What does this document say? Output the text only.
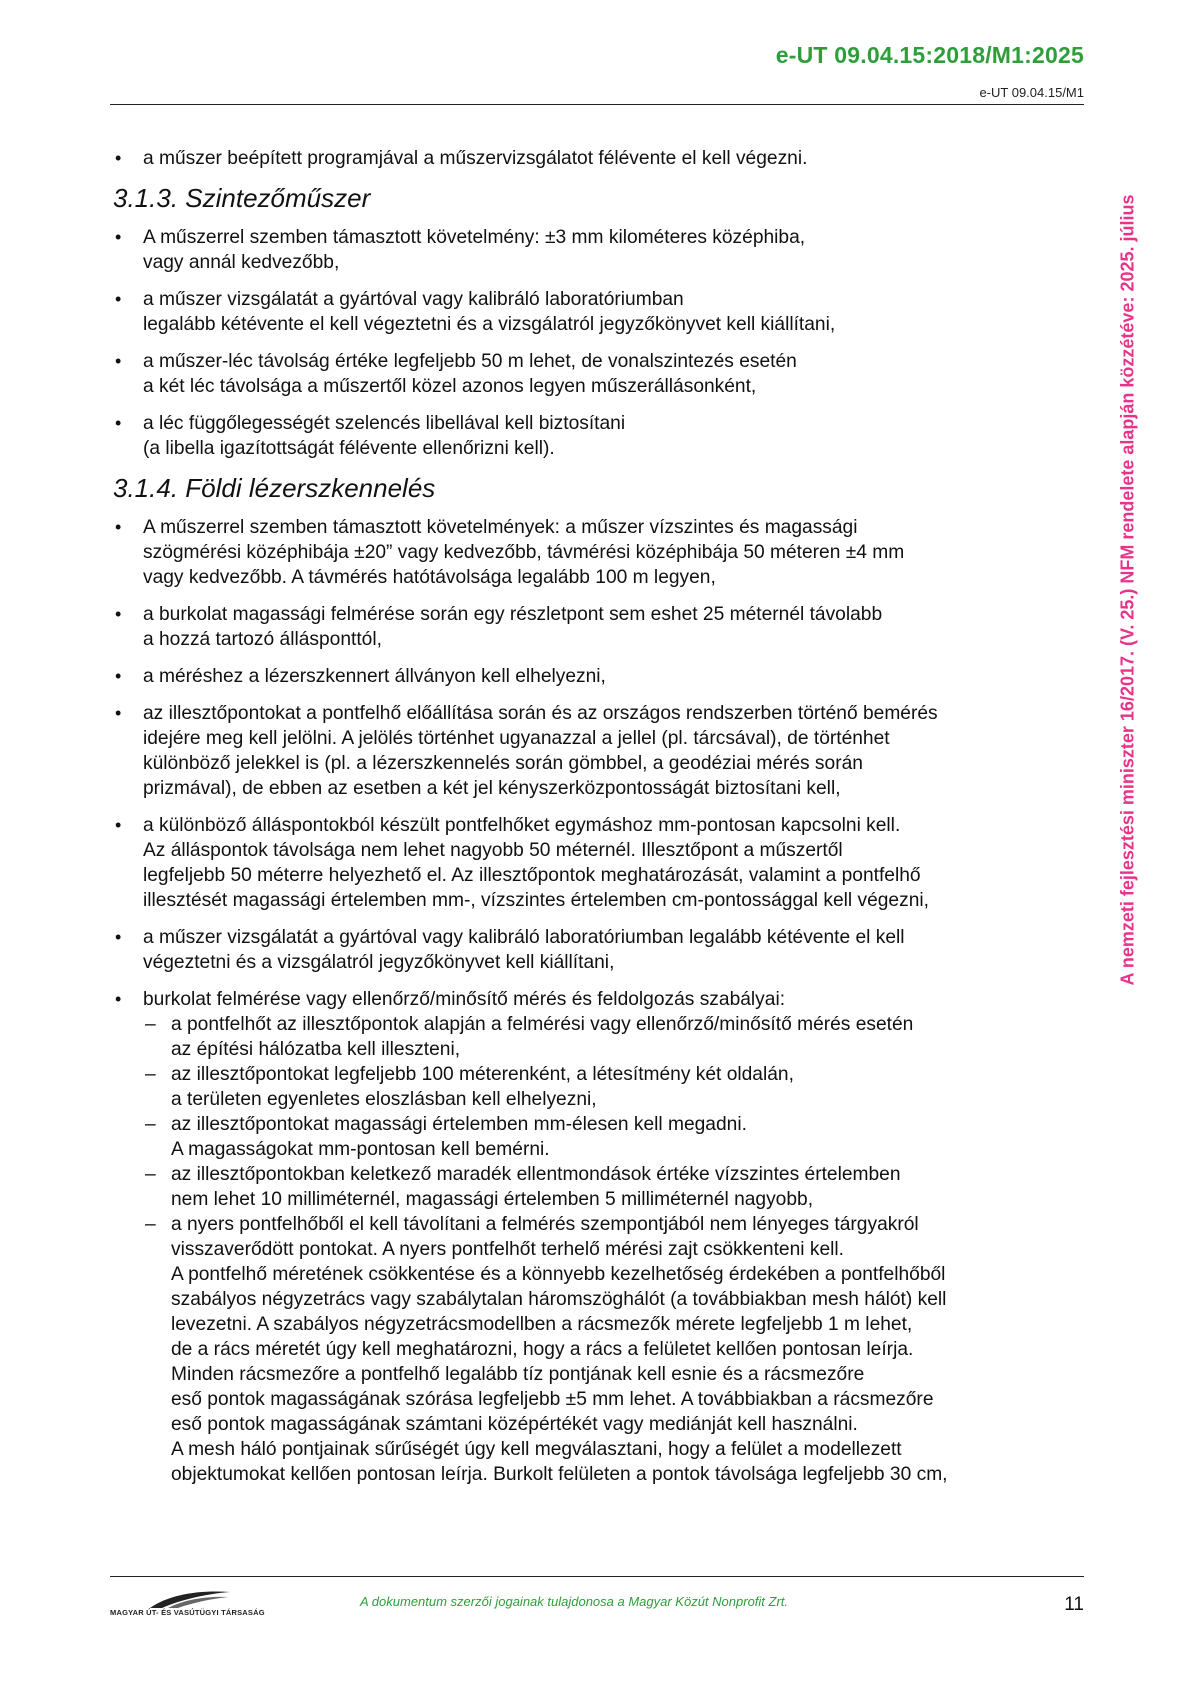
e-UT 09.04.15:2018/M1:2025
e-UT 09.04.15/M1
A nemzeti fejlesztési miniszter 16/2017. (V. 25.) NFM rendelete alapján közzétéve: 2025. július
• a műszer beépített programjával a műszervizsgálatot félévente el kell végezni.
3.1.3. Szintezőműszer
• A műszerrel szemben támasztott követelmény: ±3 mm kilométeres középhiba,
vagy annál kedvezőbb,
• a műszer vizsgálatát a gyártóval vagy kalibráló laboratóriumban
legalább kétévente el kell végeztetni és a vizsgálatról jegyzőkönyvet kell kiállítani,
• a műszer-léc távolság értéke legfeljebb 50 m lehet, de vonalszintezés esetén
a két léc távolsága a műszertől közel azonos legyen műszerállásonként,
• a léc függőlegességét szelencés libellával kell biztosítani
(a libella igazítottságát félévente ellenőrizni kell).
3.1.4. Földi lézerszkennelés
• A műszerrel szemben támasztott követelmények: a műszer vízszintes és magassági
szögmérési középhibája ±20” vagy kedvezőbb, távmérési középhibája 50 méteren ±4 mm
vagy kedvezőbb. A távmérés hatótávolsága legalább 100 m legyen,
• a burkolat magassági felmérése során egy részletpont sem eshet 25 méternél távolabb
a hozzá tartozó állásponttól,
• a méréshez a lézerszkennert állványon kell elhelyezni,
• az illesztőpontokat a pontfelhő előállítása során és az országos rendszerben történő bemérés
idejére meg kell jelölni. A jelölés történhet ugyanazzal a jellel (pl. tárcsával), de történhet
különböző jelekkel is (pl. a lézerszkennelés során gömbbel, a geodéziai mérés során
prizmával), de ebben az esetben a két jel kényszerközpontosságát biztosítani kell,
• a különböző álláspontokból készült pontfelhőket egymáshoz mm-pontosan kapcsolni kell.
Az álláspontok távolsága nem lehet nagyobb 50 méternél. Illesztőpont a műszertől
legfeljebb 50 méterre helyezhető el. Az illesztőpontok meghatározását, valamint a pontfelhő
illesztését magassági értelemben mm-, vízszintes értelemben cm-pontossággal kell végezni,
• a műszer vizsgálatát a gyártóval vagy kalibráló laboratóriumban legalább kétévente el kell
végeztetni és a vizsgálatról jegyzőkönyvet kell kiállítani,
• burkolat felmérése vagy ellenőrző/minősítő mérés és feldolgozás szabályai:
– a pontfelhőt az illesztőpontok alapján a felmérési vagy ellenőrző/minősítő mérés esetén
az építési hálózatba kell illeszteni,
– az illesztőpontokat legfeljebb 100 méterenként, a létesítmény két oldalán,
a területen egyenletes eloszlásban kell elhelyezni,
– az illesztőpontokat magassági értelemben mm-élesen kell megadni.
A magasságokat mm-pontosan kell bemérni.
– az illesztőpontokban keletkező maradék ellentmondások értéke vízszintes értelemben
nem lehet 10 milliméternél, magassági értelemben 5 milliméternél nagyobb,
– a nyers pontfelhőből el kell távolítani a felmérés szempontjából nem lényeges tárgyakról
visszaverődött pontokat. A nyers pontfelhőt terhelő mérési zajt csökkenteni kell.
A pontfelhő méretének csökkentése és a könnyebb kezelhetőség érdekében a pontfelhőből
szabályos négyzetrács vagy szabálytalan háromszöghálót (a továbbiakban mesh hálót) kell
levezetni. A szabályos négyzetrácsmodellben a rácsmezők mérete legfeljebb 1 m lehet,
de a rács méretét úgy kell meghatározni, hogy a rács a felületet kellően pontosan leírja.
Minden rácsmezőre a pontfelhő legalább tíz pontjának kell esnie és a rácsmezőre
eső pontok magasságának szórása legfeljebb ±5 mm lehet. A továbbiakban a rácsmezőre
eső pontok magasságának számtani középértékét vagy mediánját kell használni.
A mesh háló pontjainak sűrűségét úgy kell megválasztani, hogy a felület a modellezett
objektumokat kellően pontosan leírja. Burkolt felületen a pontok távolsága legfeljebb 30 cm,
MAGYAR ÚT- ÉS VASÚTÜGYI TÁRSASÁG
A dokumentum szerzői jogainak tulajdonosa a Magyar Közút Nonprofit Zrt.	11
